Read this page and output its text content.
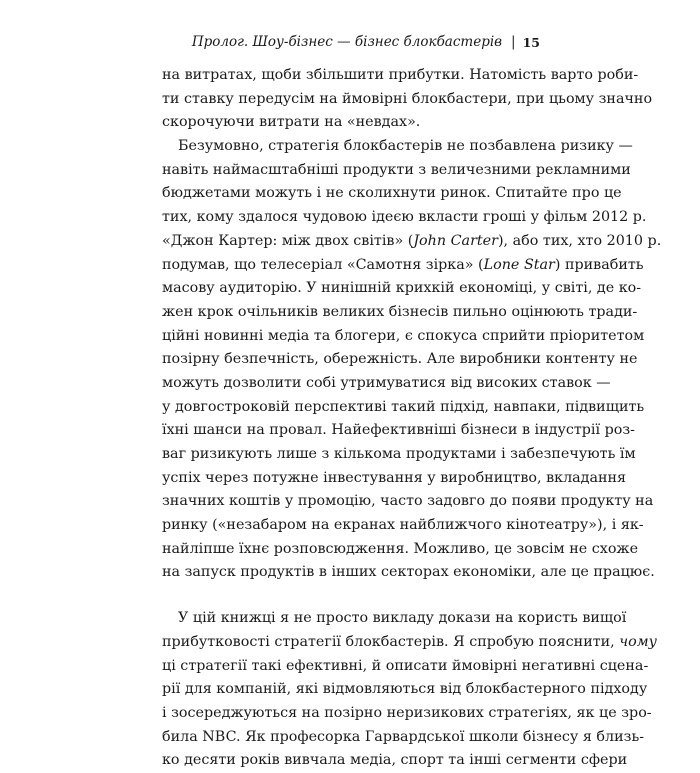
Пролог. Шоу-бізнес — бізнес блокбастерів | 15
на витратах, щоби збільшити прибутки. Натомість варто роби-
ти ставку передусім на ймовірні блокбастери, при цьому значно
скорочуючи витрати на «невдах».
Безумовно, стратегія блокбастерів не позбавлена ризику —
навіть наймасштабніші продукти з величезними рекламними
бюджетами можуть і не сколихнути ринок. Спитайте про це
тих, кому здалося чудовою ідеєю вкласти гроші у фільм 2012 р.
«Джон Картер: між двох світів» (John Carter), або тих, хто 2010 р.
подумав, що телесеріал «Самотня зірка» (Lone Star) привабить
масову аудиторію. У нинішній крихкій економіці, у світі, де ко-
жен крок очільників великих бізнесів пильно оцінюють тради-
ційні новинні медіа та блогери, є спокуса сприйти пріоритетом
позірну безпечність, обережність. Але виробники контенту не
можуть дозволити собі утримуватися від високих ставок —
у довгостроковій перспективі такий підхід, навпаки, підвищить
їхні шанси на провал. Найефективніші бізнеси в індустрії роз-
ваг ризикують лише з кількома продуктами і забезпечують їм
успіх через потужне інвестування у виробництво, вкладання
значних коштів у промоцію, часто задовго до появи продукту на
ринку («незабаром на екранах найближчого кінотеатру»), і як-
найліпше їхнє розповсюдження. Можливо, це зовсім не схоже
на запуск продуктів в інших секторах економіки, але це працює.
У цій книжці я не просто викладу докази на користь вищої
прибутковості стратегії блокбастерів. Я спробую пояснити, чому
ці стратегії такі ефективні, й описати ймовірні негативні сцена-
рії для компаній, які відмовляються від блокбастерного підходу
і зосереджуються на позірно неризикових стратегіях, як це зро-
била NBC. Як професорка Гарвардської школи бізнесу я близь-
ко десяти років вивчала медіа, спорт та інші сегменти сфери
